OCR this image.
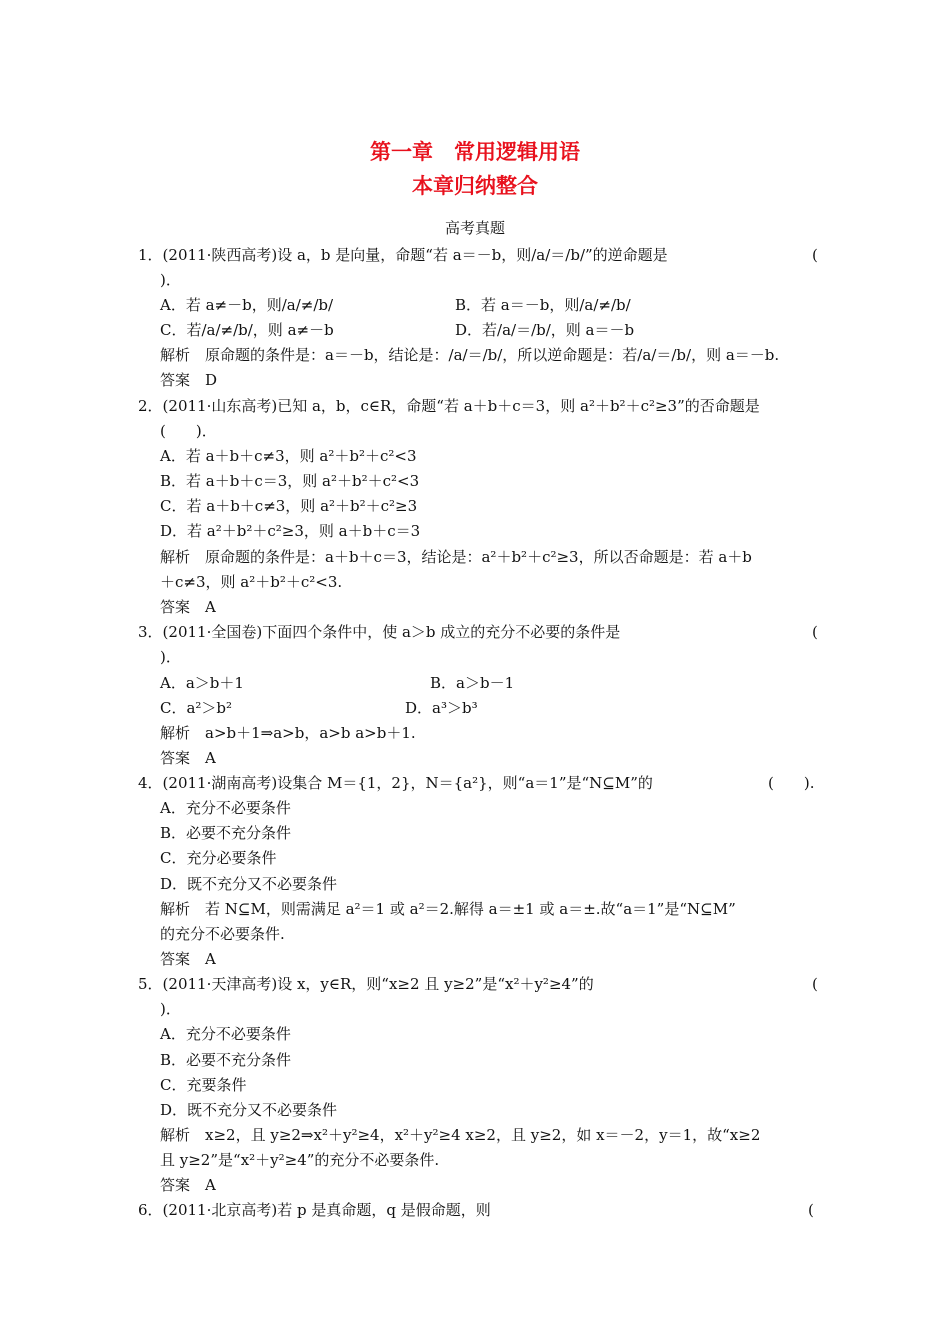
第一章　常用逻辑用语
本章归纳整合
高考真题
1．(2011·陕西高考)设 a，b 是向量，命题“若 a＝－b，则/a/＝/b/”的逆命题是	(
)．
A．若 a≠－b，则/a/≠/b/	B．若 a＝－b，则/a/≠/b/
C．若/a/≠/b/，则 a≠－b	D．若/a/＝/b/，则 a＝－b
解析　原命题的条件是：a＝－b，结论是：/a/＝/b/，所以逆命题是：若/a/＝/b/，则 a＝－b.
答案　D
2．(2011·山东高考)已知 a，b，c∈R，命题“若 a＋b＋c＝3，则 a²＋b²＋c²≥3”的否命题是
(　　)．
A．若 a＋b＋c≠3，则 a²＋b²＋c²<3
B．若 a＋b＋c＝3，则 a²＋b²＋c²<3
C．若 a＋b＋c≠3，则 a²＋b²＋c²≥3
D．若 a²＋b²＋c²≥3，则 a＋b＋c＝3
解析　原命题的条件是：a＋b＋c＝3，结论是：a²＋b²＋c²≥3，所以否命题是：若 a＋b
＋c≠3，则 a²＋b²＋c²<3.
答案　A
3．(2011·全国卷)下面四个条件中，使 a＞b 成立的充分不必要的条件是	(
)．
A．a＞b＋1	B．a＞b－1
C．a²＞b²	D．a³＞b³
解析　a>b＋1⇒a>b，a>b a>b＋1.
答案　A
4．(2011·湖南高考)设集合 M＝{1，2}，N＝{a²}，则“a＝1”是“N⊆M”的	(　　).
A．充分不必要条件
B．必要不充分条件
C．充分必要条件
D．既不充分又不必要条件
解析　若 N⊆M，则需满足 a²＝1 或 a²＝2.解得 a＝±1 或 a＝±.故“a＝1”是“N⊆M”
的充分不必要条件.
答案　A
5．(2011·天津高考)设 x，y∈R，则“x≥2 且 y≥2”是“x²＋y²≥4”的	(
)．
A．充分不必要条件
B．必要不充分条件
C．充要条件
D．既不充分又不必要条件
解析　x≥2，且 y≥2⇒x²＋y²≥4，x²＋y²≥4 x≥2，且 y≥2，如 x＝－2，y＝1，故“x≥2
且 y≥2”是“x²＋y²≥4”的充分不必要条件.
答案　A
6．(2011·北京高考)若 p 是真命题，q 是假命题，则	(
